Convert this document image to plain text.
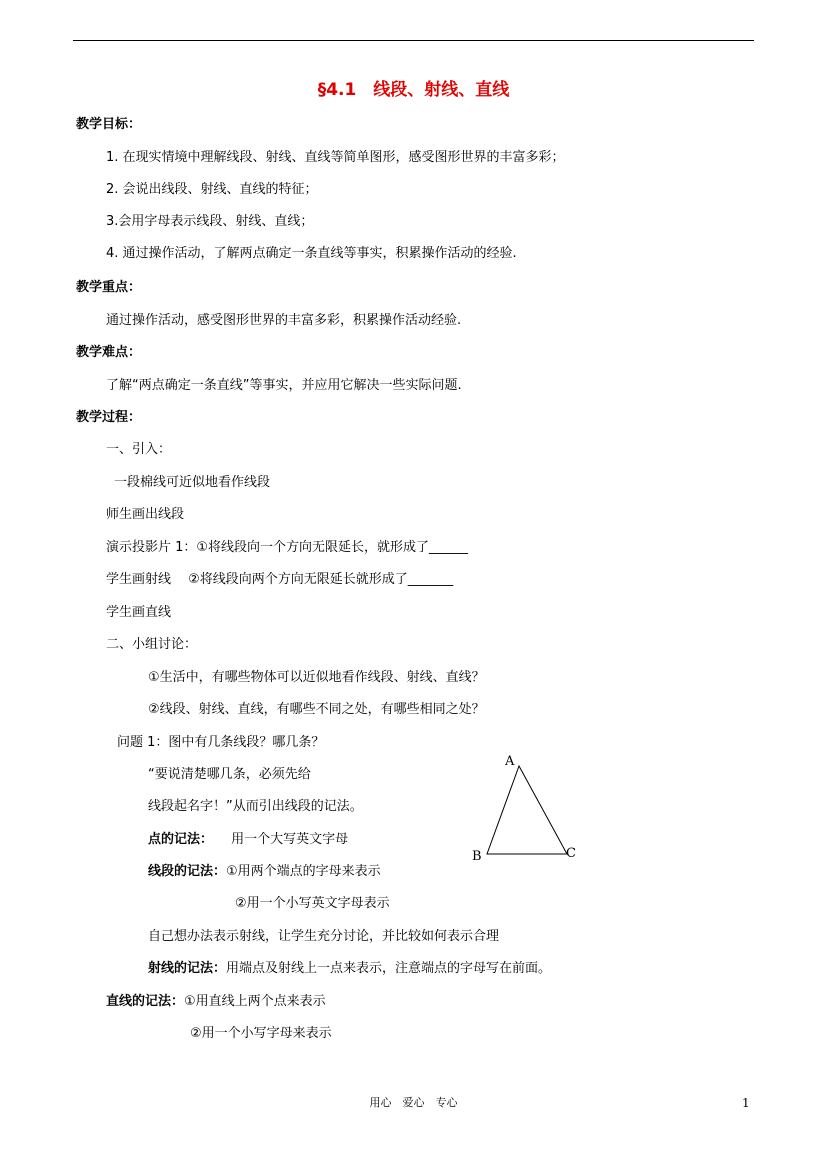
§4.1　线段、射线、直线
教学目标：
1. 在现实情境中理解线段、射线、直线等简单图形，感受图形世界的丰富多彩；
2. 会说出线段、射线、直线的特征；
3.会用字母表示线段、射线、直线；
4. 通过操作活动，了解两点确定一条直线等事实，积累操作活动的经验.
教学重点：
通过操作活动，感受图形世界的丰富多彩，积累操作活动经验.
教学难点：
了解“两点确定一条直线”等事实，并应用它解决一些实际问题.
教学过程：
一、引入：
一段棉线可近似地看作线段
师生画出线段
演示投影片 1：①将线段向一个方向无限延长，就形成了______
学生画射线　 ②将线段向两个方向无限延长就形成了_______
学生画直线
二、小组讨论：
①生活中，有哪些物体可以近似地看作线段、射线、直线？
②线段、射线、直线，有哪些不同之处，有哪些相同之处？
问题 1：图中有几条线段？哪几条？
“要说清楚哪几条，必须先给
线段起名字！”从而引出线段的记法。
点的记法： 用一个大写英文字母
线段的记法：①用两个端点的字母来表示
②用一个小写英文字母表示
自己想办法表示射线，让学生充分讨论，并比较如何表示合理
射线的记法：用端点及射线上一点来表示，注意端点的字母写在前面。
直线的记法：①用直线上两个点来表示
②用一个小写字母来表示
A
B	C
用心　爱心　专心	1
